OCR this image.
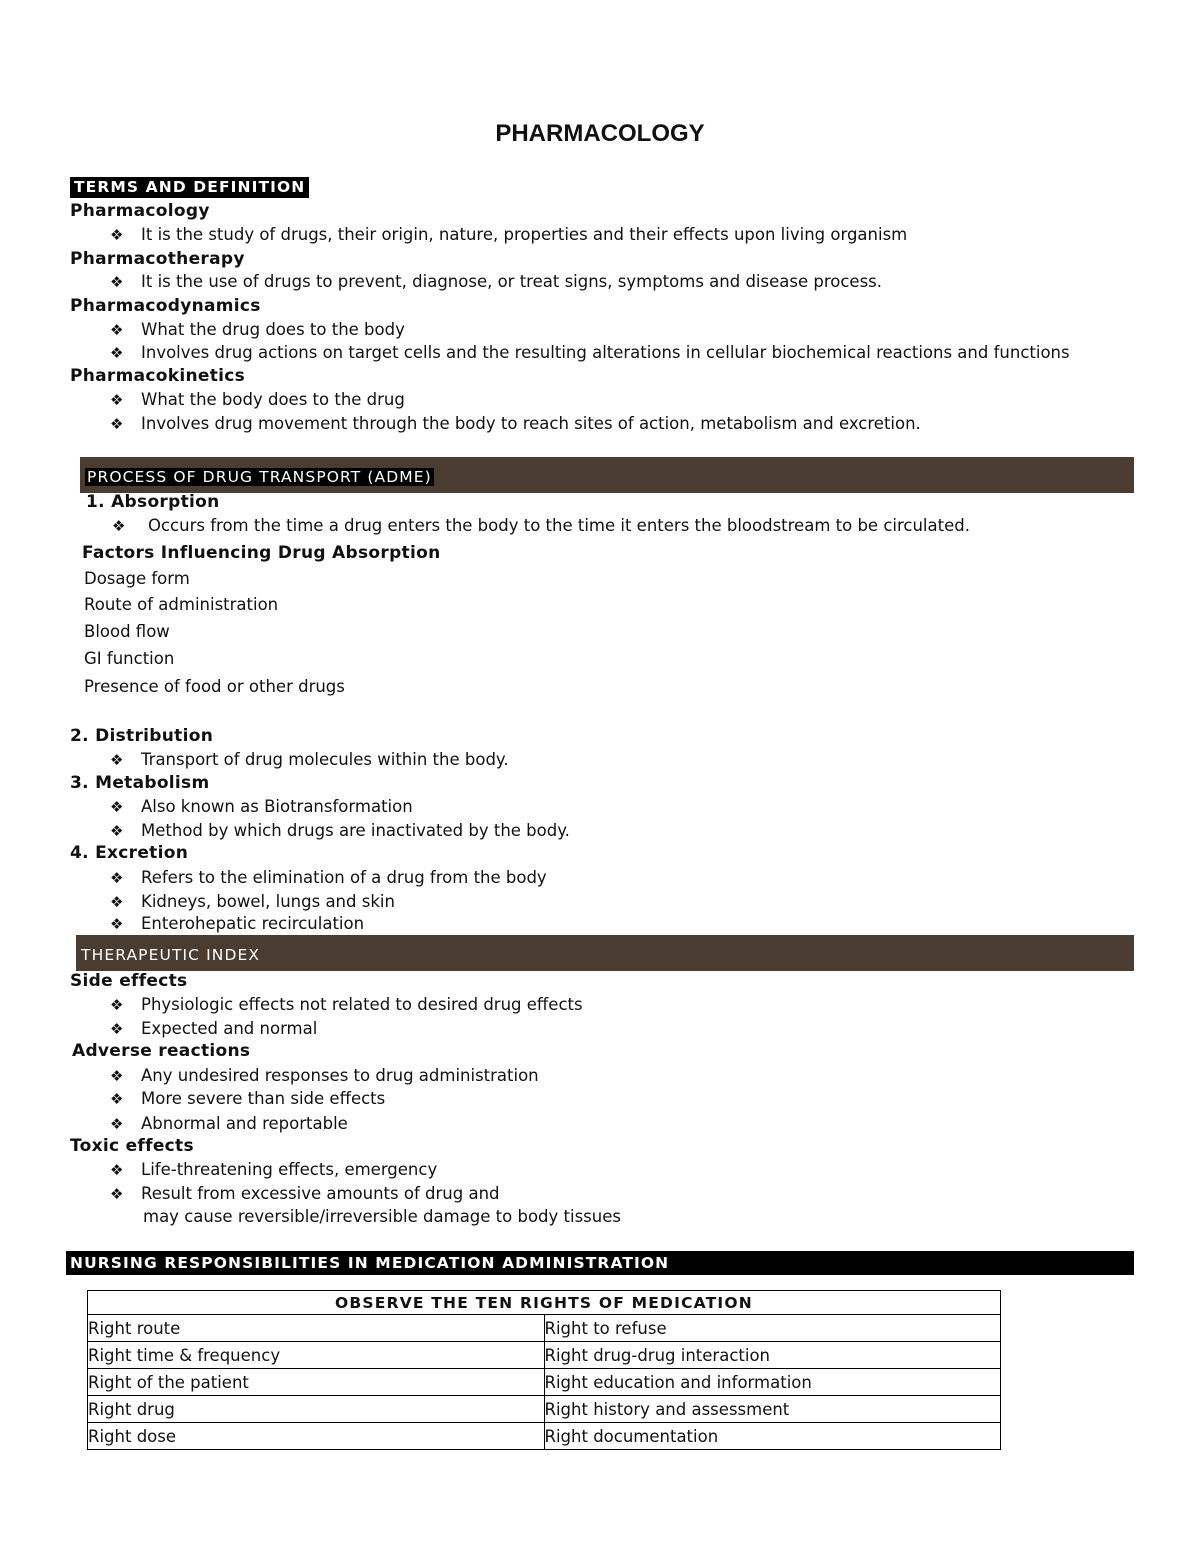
PHARMACOLOGY
TERMS AND DEFINITION
Pharmacology
❖ It is the study of drugs, their origin, nature, properties and their effects upon living organism
Pharmacotherapy
❖ It is the use of drugs to prevent, diagnose, or treat signs, symptoms and disease process.
Pharmacodynamics
❖ What the drug does to the body
❖ Involves drug actions on target cells and the resulting alterations in cellular biochemical reactions and functions
Pharmacokinetics
❖ What the body does to the drug
❖ Involves drug movement through the body to reach sites of action, metabolism and excretion.
PROCESS OF DRUG TRANSPORT (ADME)
1. Absorption
❖ Occurs from the time a drug enters the body to the time it enters the bloodstream to be circulated.
Factors Influencing Drug Absorption
Dosage form
Route of administration
Blood flow
GI function
Presence of food or other drugs
2. Distribution
❖ Transport of drug molecules within the body.
3. Metabolism
❖ Also known as Biotransformation
❖ Method by which drugs are inactivated by the body.
4. Excretion
❖ Refers to the elimination of a drug from the body
❖ Kidneys, bowel, lungs and skin
❖ Enterohepatic recirculation
THERAPEUTIC INDEX
Side effects
❖ Physiologic effects not related to desired drug effects
❖ Expected and normal
Adverse reactions
❖ Any undesired responses to drug administration
❖ More severe than side effects
❖ Abnormal and reportable
Toxic effects
❖ Life-threatening effects, emergency
❖ Result from excessive amounts of drug and
may cause reversible/irreversible damage to body tissues
NURSING RESPONSIBILITIES IN MEDICATION ADMINISTRATION
OBSERVE THE TEN RIGHTS OF MEDICATION	
Right route	Right to refuse
Right time & frequency	Right drug-drug interaction
Right of the patient	Right education and information
Right drug	Right history and assessment
Right dose	Right documentation
